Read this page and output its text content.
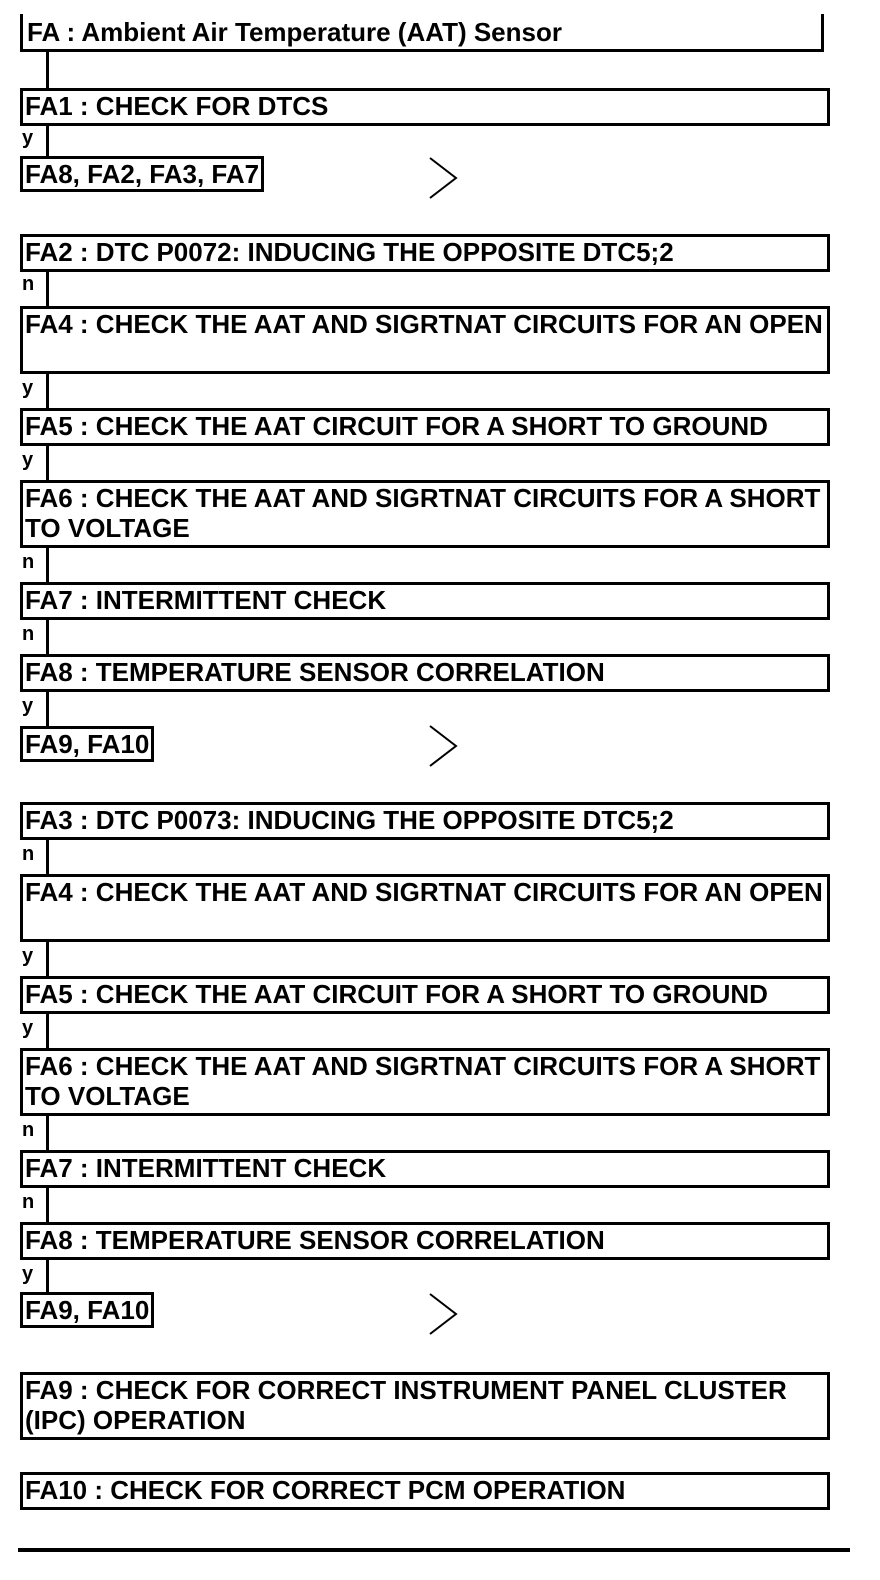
FA : Ambient Air Temperature (AAT) Sensor
FA1 : CHECK FOR DTCS
y
FA8, FA2, FA3, FA7
FA2 : DTC P0072: INDUCING THE OPPOSITE DTC5;2
n
FA4 : CHECK THE AAT AND SIGRTNAT CIRCUITS FOR AN OPEN
y
FA5 : CHECK THE AAT CIRCUIT FOR A SHORT TO GROUND
y
FA6 : CHECK THE AAT AND SIGRTNAT CIRCUITS FOR A SHORT TO VOLTAGE
n
FA7 : INTERMITTENT CHECK
n
FA8 : TEMPERATURE SENSOR CORRELATION
y
FA9, FA10
FA3 : DTC P0073: INDUCING THE OPPOSITE DTC5;2
n
FA4 : CHECK THE AAT AND SIGRTNAT CIRCUITS FOR AN OPEN
y
FA5 : CHECK THE AAT CIRCUIT FOR A SHORT TO GROUND
y
FA6 : CHECK THE AAT AND SIGRTNAT CIRCUITS FOR A SHORT TO VOLTAGE
n
FA7 : INTERMITTENT CHECK
n
FA8 : TEMPERATURE SENSOR CORRELATION
y
FA9, FA10
FA9 : CHECK FOR CORRECT INSTRUMENT PANEL CLUSTER (IPC) OPERATION
FA10 : CHECK FOR CORRECT PCM OPERATION
